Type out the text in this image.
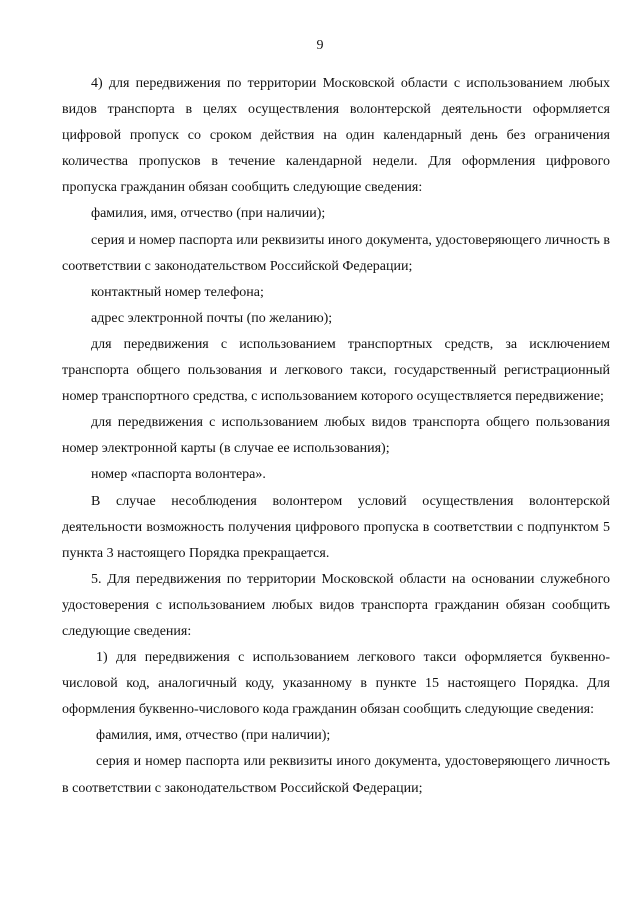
9

4) для передвижения по территории Московской области с использованием любых видов транспорта в целях осуществления волонтерской деятельности оформляется цифровой пропуск со сроком действия на один календарный день без ограничения количества пропусков в течение календарной недели. Для оформления цифрового пропуска гражданин обязан сообщить следующие сведения:

фамилия, имя, отчество (при наличии);

серия и номер паспорта или реквизиты иного документа, удостоверяющего личность в соответствии с законодательством Российской Федерации;

контактный номер телефона;

адрес электронной почты (по желанию);

для передвижения с использованием транспортных средств, за исключением транспорта общего пользования и легкового такси, государственный регистрационный номер транспортного средства, с использованием которого осуществляется передвижение;

для передвижения с использованием любых видов транспорта общего пользования номер электронной карты (в случае ее использования);

номер «паспорта волонтера».

В случае несоблюдения волонтером условий осуществления волонтерской деятельности возможность получения цифрового пропуска в соответствии с подпунктом 5 пункта 3 настоящего Порядка прекращается.

5. Для передвижения по территории Московской области на основании служебного удостоверения с использованием любых видов транспорта гражданин обязан сообщить следующие сведения:

1) для передвижения с использованием легкового такси оформляется буквенно-числовой код, аналогичный коду, указанному в пункте 15 настоящего Порядка. Для оформления буквенно-числового кода гражданин обязан сообщить следующие сведения:

фамилия, имя, отчество (при наличии);

серия и номер паспорта или реквизиты иного документа, удостоверяющего личность в соответствии с законодательством Российской Федерации;
